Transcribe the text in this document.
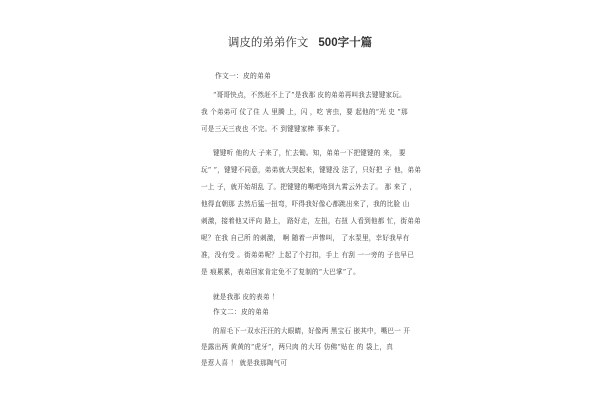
调皮的弟弟作文 500字十篇
作文一：皮的弟弟
“哥哥快点，不然赶不上了”是我那 皮的弟弟再叫我去键键家玩。
我 个弟弟可 仗了住 人 里腾 上，闪 ，吃 害虫，要 起他的“光 史 ”那
可是三天三夜也 不完。不 到键键家棒 事来了。
键键听 他的大 子来了，忙去锄。知，弟弟一下把键键的 来， 要
玩“ ”，键键不同意，弟弟就大哭起来，键键没 法了，只好把 子 他，弟弟
一上 子，就开始胡乱 了。把键键的嘴吧咯到九霄云外去了。 那 来了 ，
他得直朝那 去然后猛一扭弯，吓得我好像心都跳出来了，我的比脸 山
刺激，接着他又评向 路上， 路好走，左扭，右扭 人看到他都 忙，街弟弟
呢？在我 自己所 的刺激， 啊 随着一声惨叫， 了水泵里，幸好我早有
准，没有受 。街弟弟呢？上起了个打扣，手上 有刮 一一旁的 子也早已
是 痕累累，表弟回家肯定免不了复制的“大巴掌”了。
就是我那 皮的表弟 ！
作文二：皮的弟弟
的眉毛下一双水汪汪的大眼睛，好像两 黑宝石 嵌其中，嘴巴一 开
是露出两 黄黄的“虎牙”，两只肉 的大耳 仿佛“贴在 的 袋上，真
是惹人喜 ！ 就是我那陶气可
